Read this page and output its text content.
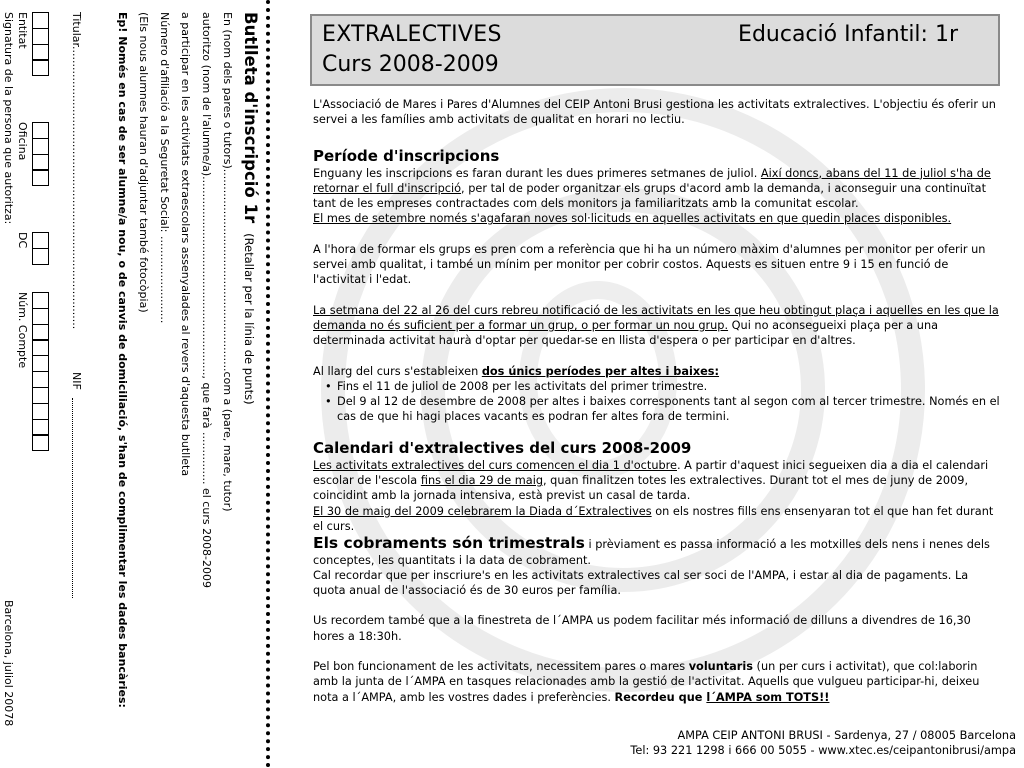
Butlleta d'inscripció 1r(Retallar per la línia de punts)
En (nom dels pares o tutors)..........................................................com a (pare, mare, tutor)
autoritzo (nom de l'alumne/a)........................................................., que farà ............... el curs 2008-2009
a participar en les activitats extraescolars assenyalades al revers d'aquesta butlleta
Número d'afiliació a la Seguretat Social: .........................
(Els nous alumnes hauran d'adjuntar també fotocòpia)
Ep! Només en cas de ser alumne/a nou, o de canvis de domiciliació, s'han de complimentar les dades bancàries:
Titular.................................................................................
NIF
Entitat
Oficina
DC
Núm. Compte
Signatura de la persona que autoritza:
Barcelona, juliol 20078
EXTRALECTIVES	Educació Infantil: 1r
Curs 2008-2009

L'Associació de Mares i Pares d'Alumnes del CEIP Antoni Brusi gestiona les activitats extralectives. L'objectiu és oferir un servei a les famílies amb activitats de qualitat en horari no lectiu.

Període d'inscripcions

Enguany les inscripcions es faran durant les dues primeres setmanes de juliol. Així doncs, abans del 11 de juliol s'ha de retornar el full d'inscripció, per tal de poder organitzar els grups d'acord amb la demanda, i aconseguir una continuïtat tant de les empreses contractades com dels monitors ja familiaritzats amb la comunitat escolar.

El mes de setembre només s'agafaran noves sol·licituds en aquelles activitats en que quedin places disponibles.

A l'hora de formar els grups es pren com a referència que hi ha un número màxim d'alumnes per monitor per oferir un servei amb qualitat, i també un mínim per monitor per cobrir costos. Aquests es situen entre 9 i 15 en funció de l'activitat i l'edat.

La setmana del 22 al 26 del curs rebreu notificació de les activitats en les que heu obtingut plaça i aquelles en les que la demanda no és suficient per a formar un grup, o per formar un nou grup. Qui no aconsegueixi plaça per a una determinada activitat haurà d'optar per quedar-se en llista d'espera o per participar en d'altres.

Al llarg del curs s'estableixen dos únics períodes per altes i baixes:

• Fins el 11 de juliol de 2008 per les activitats del primer trimestre.
• Del 9 al 12 de desembre de 2008 per altes i baixes corresponents tant al segon com al tercer trimestre. Només en el cas de que hi hagi places vacants es podran fer altes fora de termini.

Calendari d'extralectives del curs 2008-2009

Les activitats extralectives del curs comencen el dia 1 d'octubre. A partir d'aquest inici segueixen dia a dia el calendari escolar de l'escola fins el dia 29 de maig, quan finalitzen totes les extralectives. Durant tot el mes de juny de 2009, coincidint amb la jornada intensiva, està previst un casal de tarda.

El 30 de maig del 2009 celebrarem la Diada d´Extralectives on els nostres fills ens ensenyaran tot el que han fet durant el curs.

Els cobraments són trimestrals i prèviament es passa informació a les motxilles dels nens i nenes dels conceptes, les quantitats i la data de cobrament.

Cal recordar que per inscriure's en les activitats extralectives cal ser soci de l'AMPA, i estar al dia de pagaments. La quota anual de l'associació és de 30 euros per família.

Us recordem també que a la finestreta de l´AMPA us podem facilitar més informació de dilluns a divendres de 16,30 hores a 18:30h.

Pel bon funcionament de les activitats, necessitem pares o mares voluntaris (un per curs i activitat), que col:laborin amb la junta de l´AMPA en tasques relacionades amb la gestió de l'activitat. Aquells que vulgueu participar-hi, deixeu nota a l´AMPA, amb les vostres dades i preferències. Recordeu que l´AMPA som TOTS!!

AMPA CEIP ANTONI BRUSI - Sardenya, 27 / 08005 Barcelona
Tel: 93 221 1298 i 666 00 5055 - www.xtec.es/ceipantonibrusi/ampa
